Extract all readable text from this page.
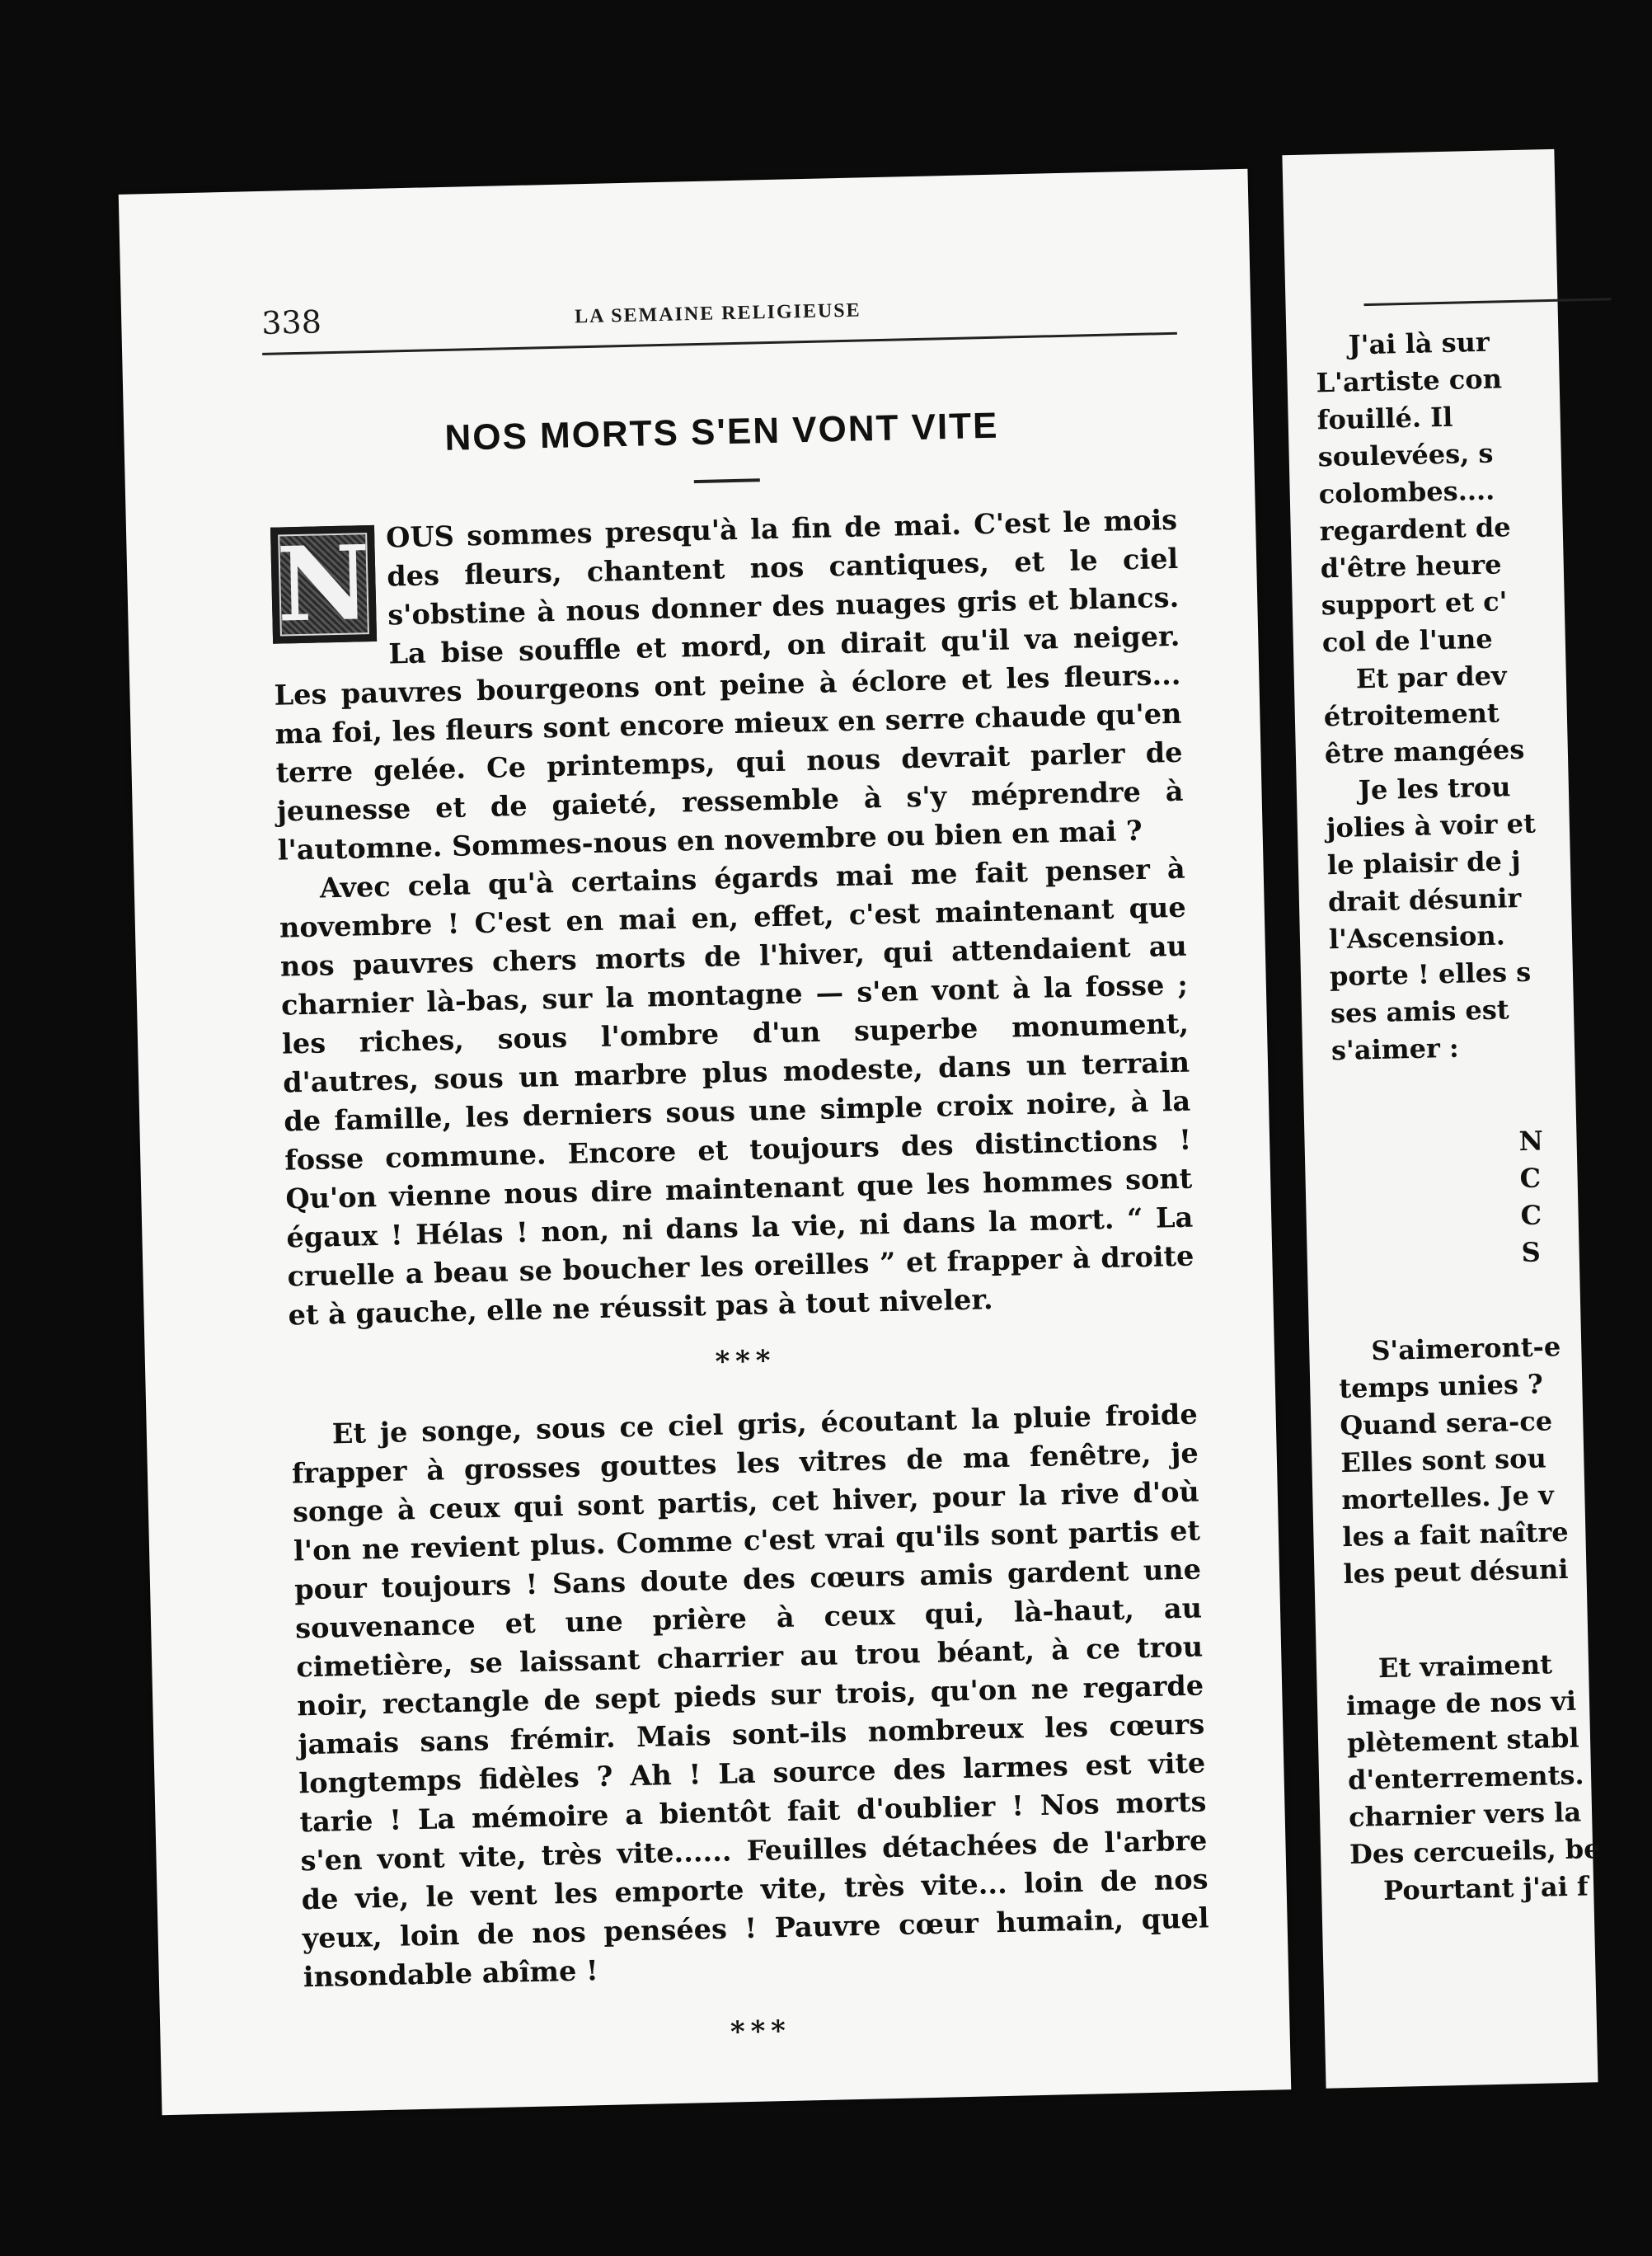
338	LA SEMAINE RELIGIEUSE
NOS MORTS S'EN VONT VITE

N OUS sommes presqu'à la fin de mai. C'est le mois des fleurs, chantent nos cantiques, et le ciel s'obstine à nous donner des nuages gris et blancs. La bise souffle et mord, on dirait qu'il va neiger. Les pauvres bourgeons ont peine à éclore et les fleurs... ma foi, les fleurs sont encore mieux en serre chaude qu'en terre gelée. Ce printemps, qui nous devrait parler de jeunesse et de gaieté, ressemble à s'y méprendre à l'automne. Sommes-nous en novembre ou bien en mai ?

Avec cela qu'à certains égards mai me fait penser à novembre ! C'est en mai en, effet, c'est maintenant que nos pauvres chers morts de l'hiver, qui attendaient au charnier là-bas, sur la montagne — s'en vont à la fosse ; les riches, sous l'ombre d'un superbe monument, d'autres, sous un marbre plus modeste, dans un terrain de famille, les derniers sous une simple croix noire, à la fosse commune. Encore et toujours des distinctions ! Qu'on vienne nous dire maintenant que les hommes sont égaux ! Hélas ! non, ni dans la vie, ni dans la mort. “ La cruelle a beau se boucher les oreilles ” et frapper à droite et à gauche, elle ne réussit pas à tout niveler.

* * *

Et je songe, sous ce ciel gris, écoutant la pluie froide frapper à grosses gouttes les vitres de ma fenêtre, je songe à ceux qui sont partis, cet hiver, pour la rive d'où l'on ne revient plus. Comme c'est vrai qu'ils sont partis et pour toujours ! Sans doute des cœurs amis gardent une souvenance et une prière à ceux qui, là-haut, au cimetière, se laissant charrier au trou béant, à ce trou noir, rectangle de sept pieds sur trois, qu'on ne regarde jamais sans frémir. Mais sont-ils nombreux les cœurs longtemps fidèles ? Ah ! La source des larmes est vite tarie ! La mémoire a bientôt fait d'oublier ! Nos morts s'en vont vite, très vite...... Feuilles détachées de l'arbre de vie, le vent les emporte vite, très vite... loin de nos yeux, loin de nos pensées ! Pauvre cœur humain, quel insondable abîme !

* * *
J'ai là sur
L'artiste con
fouillé. Il
soulevées, s
colombes....
regardent de
d'être heure
support et c'
col de l'une
Et par dev
étroitement
être mangées
Je les trou
jolies à voir et
le plaisir de j
drait désunir
l'Ascension.
porte ! elles s
ses amis est
s'aimer :
N
C
C
S
S'aimeront-e
temps unies ?
Quand sera-ce
Elles sont sou
mortelles. Je v
les a fait naître
les peut désuni
Et vraiment
image de nos vi
plètement stabl
d'enterrements.
charnier vers la
Des cercueils, be
Pourtant j'ai f
